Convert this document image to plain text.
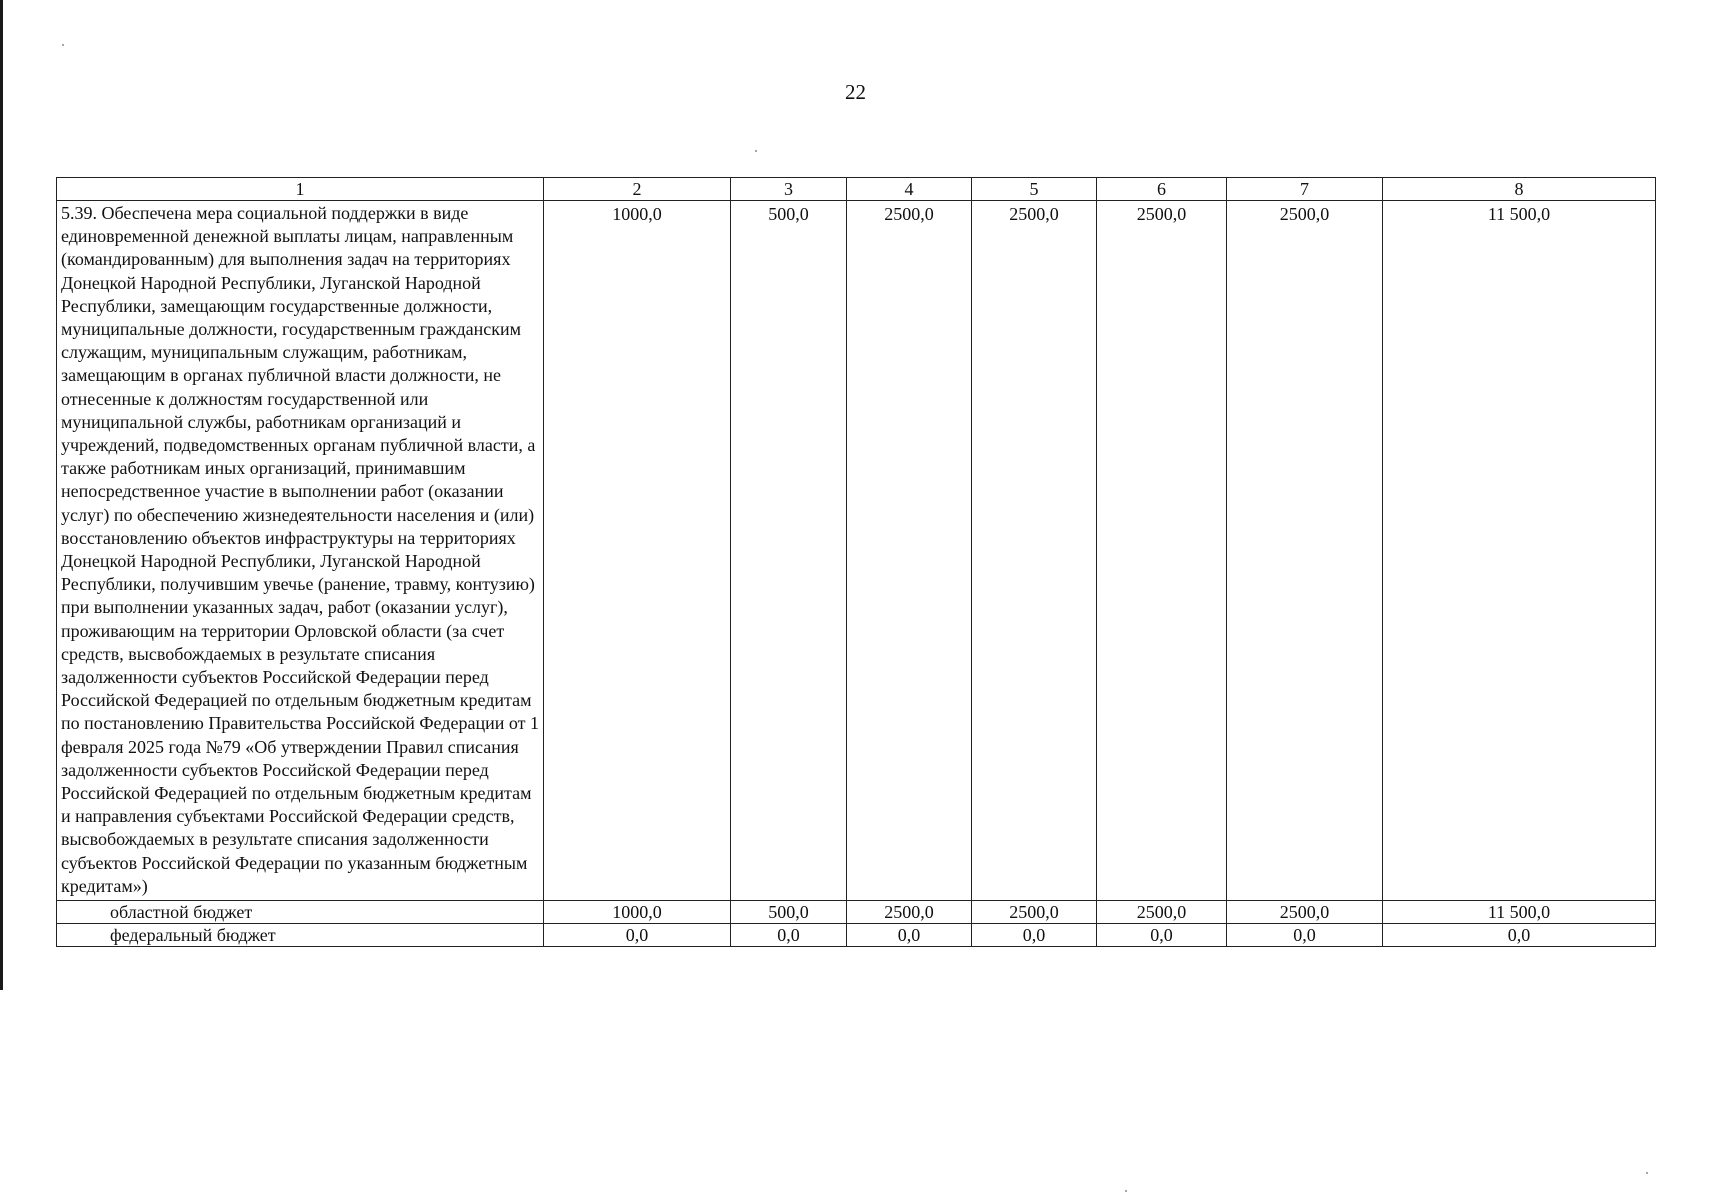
22
1	2	3	4	5	6	7	8
5.39. Обеспечена мера социальной поддержки в виде единовременной денежной выплаты лицам, направленным (командированным) для выполнения задач на территориях Донецкой Народной Республики, Луганской Народной Республики, замещающим государственные должности, муниципальные должности, государственным гражданским служащим, муниципальным служащим, работникам, замещающим в органах публичной власти должности, не отнесенные к должностям государственной или муниципальной службы, работникам организаций и учреждений, подведомственных органам публичной власти, а также работникам иных организаций, принимавшим непосредственное участие в выполнении работ (оказании услуг) по обеспечению жизнедеятельности населения и (или) восстановлению объектов инфраструктуры на территориях Донецкой Народной Республики, Луганской Народной Республики, получившим увечье (ранение, травму, контузию) при выполнении указанных задач, работ (оказании услуг), проживающим на территории Орловской области (за счет средств, высвобождаемых в результате списания задолженности субъектов Российской Федерации перед Российской Федерацией по отдельным бюджетным кредитам по постановлению Правительства Российской Федерации от 1 февраля 2025 года №79 «Об утверждении Правил списания задолженности субъектов Российской Федерации перед Российской Федерацией по отдельным бюджетным кредитам и направления субъектами Российской Федерации средств, высвобождаемых в результате списания задолженности субъектов Российской Федерации по указанным бюджетным кредитам»)	1000,0	500,0	2500,0	2500,0	2500,0	2500,0	11 500,0
областной бюджет	1000,0	500,0	2500,0	2500,0	2500,0	2500,0	11 500,0
федеральный бюджет	0,0	0,0	0,0	0,0	0,0	0,0	0,0
